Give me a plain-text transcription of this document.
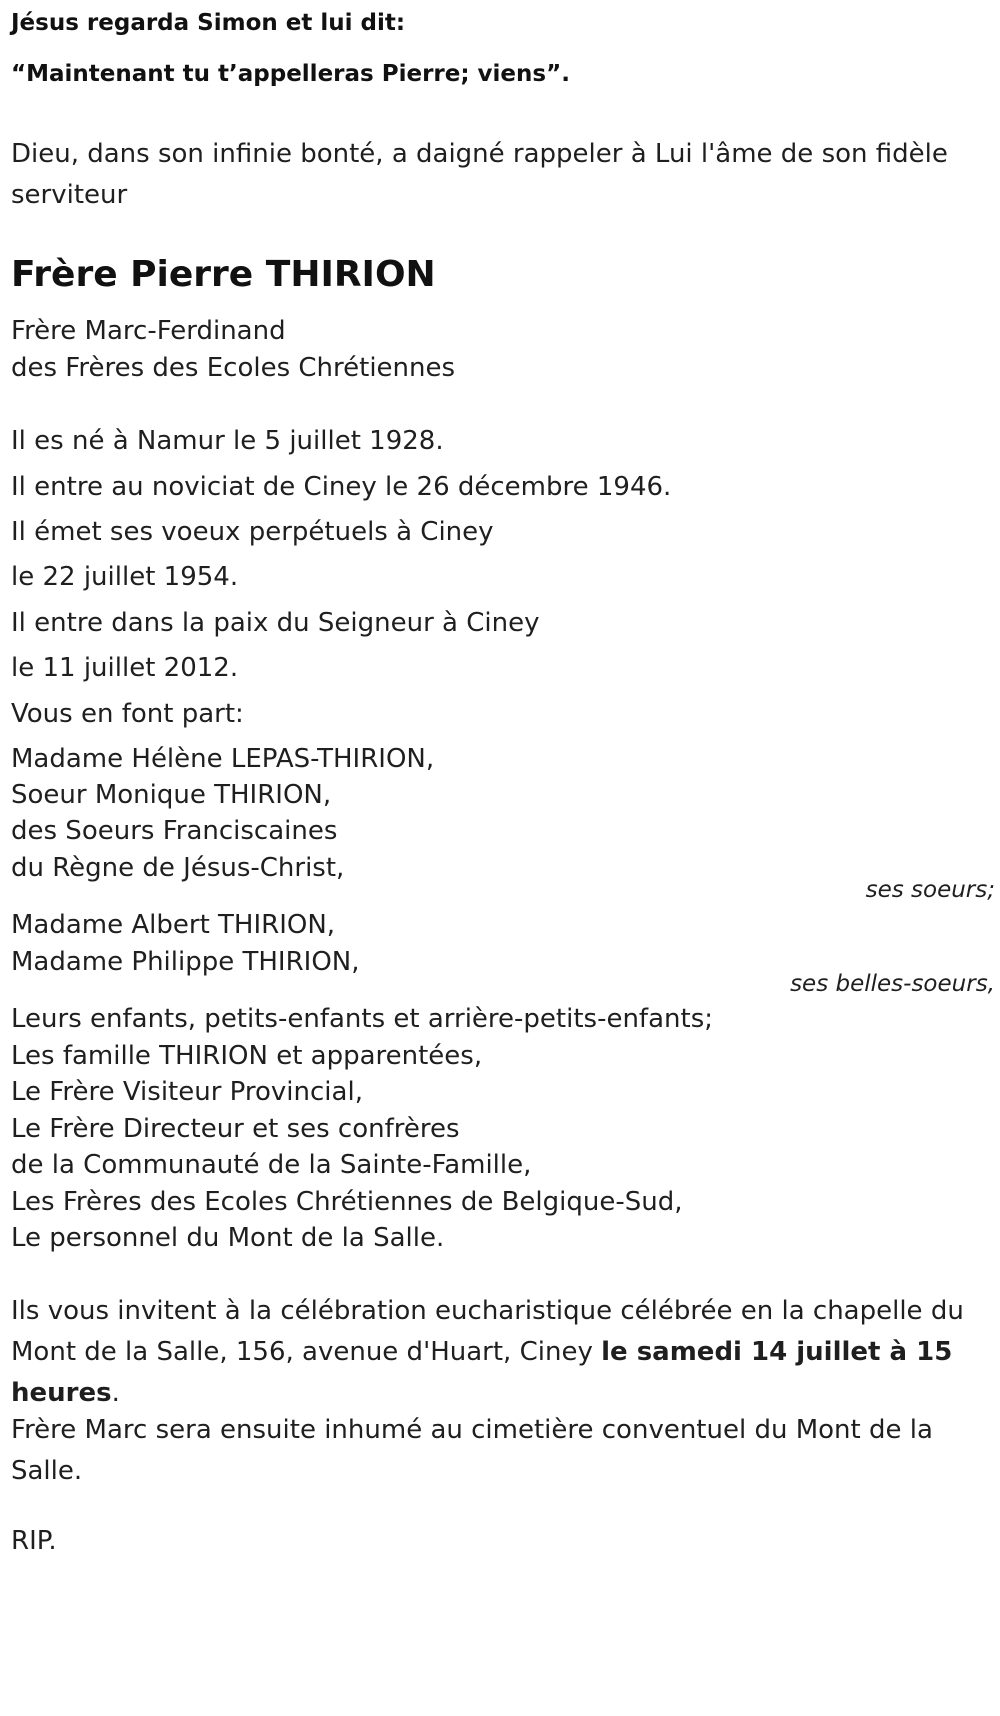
Jésus regarda Simon et lui dit:

“Maintenant tu t’appelleras Pierre; viens”.

Dieu, dans son infinie bonté, a daigné rappeler à Lui l'âme de son fidèle serviteur

Frère Pierre THIRION

Frère Marc-Ferdinand

des Frères des Ecoles Chrétiennes

Il es né à Namur le 5 juillet 1928.

Il entre au noviciat de Ciney le 26 décembre 1946.

Il émet ses voeux perpétuels à Ciney

le 22 juillet 1954.

Il entre dans la paix du Seigneur à Ciney

le 11 juillet 2012.

Vous en font part:

Madame Hélène LEPAS-THIRION,

Soeur Monique THIRION,

des Soeurs Franciscaines

du Règne de Jésus-Christ,

ses soeurs;

Madame Albert THIRION,

Madame Philippe THIRION,

ses belles-soeurs,

Leurs enfants, petits-enfants et arrière-petits-enfants;

Les famille THIRION et apparentées,

Le Frère Visiteur Provincial,

Le Frère Directeur et ses confrères

de la Communauté de la Sainte-Famille,

Les Frères des Ecoles Chrétiennes de Belgique-Sud,

Le personnel du Mont de la Salle.

Ils vous invitent à la célébration eucharistique célébrée en la chapelle du Mont de la Salle, 156, avenue d'Huart, Ciney le samedi 14 juillet à 15 heures.

Frère Marc sera ensuite inhumé au cimetière conventuel du Mont de la Salle.

RIP.
